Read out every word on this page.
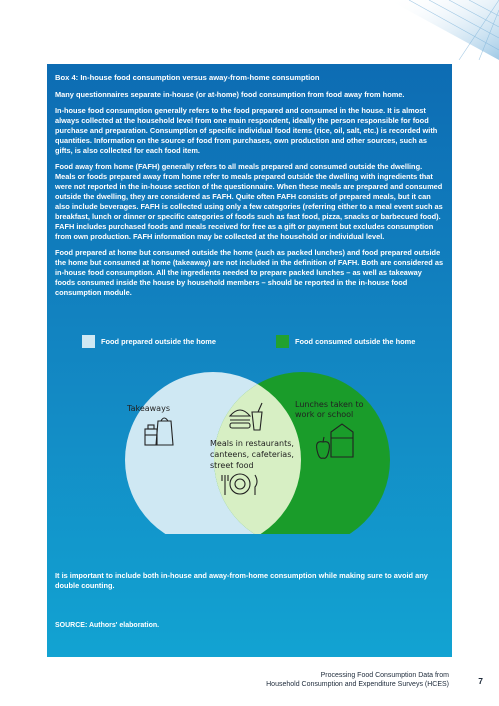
Box 4: In-house food consumption versus away-from-home consumption

Many questionnaires separate in-house (or at-home) food consumption from food away from home.

In-house food consumption generally refers to the food prepared and consumed in the house. It is almost always collected at the household level from one main respondent, ideally the person responsible for food purchase and preparation. Consumption of specific individual food items (rice, oil, salt, etc.) is recorded with quantities. Information on the source of food from purchases, own production and other sources, such as gifts, is also collected for each food item.

Food away from home (FAFH) generally refers to all meals prepared and consumed outside the dwelling. Meals or foods prepared away from home refer to meals prepared outside the dwelling with ingredients that were not reported in the in-house section of the questionnaire. When these meals are prepared and consumed outside the dwelling, they are considered as FAFH. Quite often FAFH consists of prepared meals, but it can also include beverages. FAFH is collected using only a few categories (referring either to a meal event such as breakfast, lunch or dinner or specific categories of foods such as fast food, pizza, snacks or barbecued food). FAFH includes purchased foods and meals received for free as a gift or payment but excludes consumption from own production. FAFH information may be collected at the household or individual level.

Food prepared at home but consumed outside the home (such as packed lunches) and food prepared outside the home but consumed at home (takeaway) are not included in the definition of FAFH. Both are considered as in-house food consumption. All the ingredients needed to prepare packed lunches – as well as takeaway foods consumed inside the house by household members – should be reported in the in-house food consumption module.

Food prepared outside the home	Food consumed outside the home
Takeaways
Meals in restaurants, canteens, cafeterias, street food
Lunches taken to work or school

It is important to include both in-house and away-from-home consumption while making sure to avoid any double counting.

SOURCE: Authors' elaboration.
Processing Food Consumption Data from
Household Consumption and Expenditure Surveys (HCES)	7
